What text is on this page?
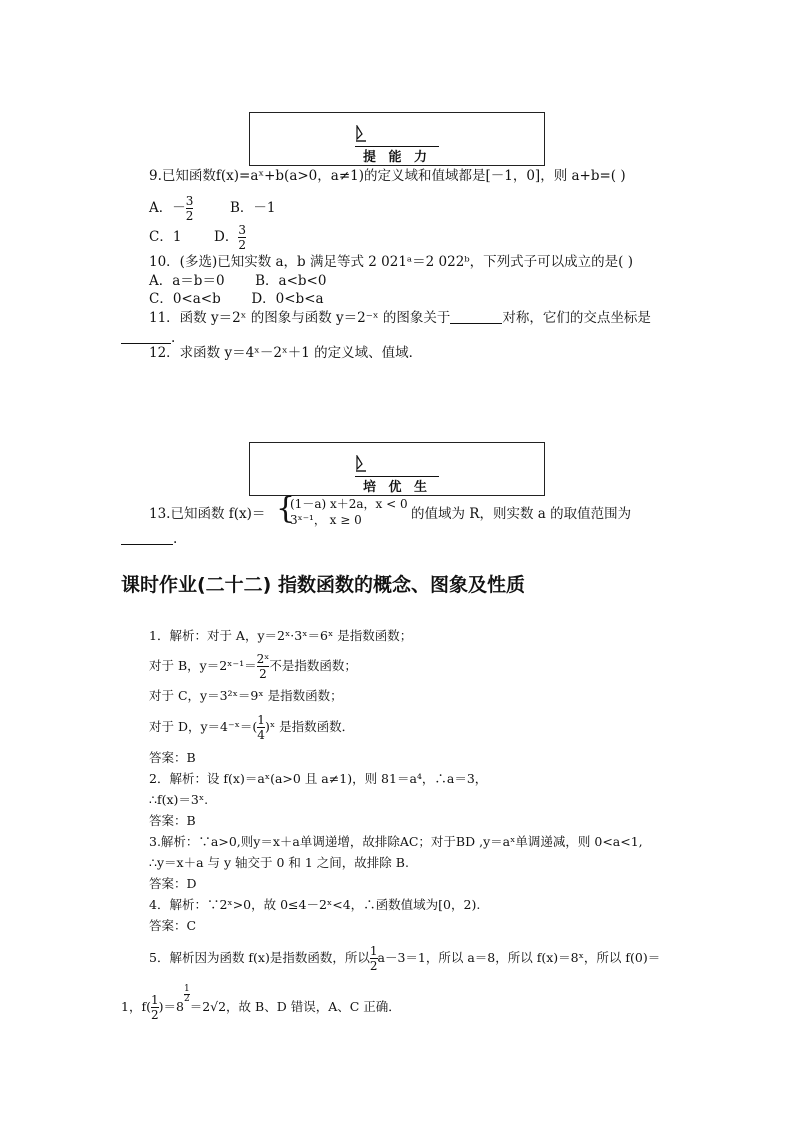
提 能 力
9.已知函数f(x)=aˣ+b(a>0，a≠1)的定义域和值域都是[－1，0]，则 a+b=( )
A．－ $\frac{3}{2}$	B．－1
C．1 D． $\frac{3}{2}$
10．(多选)已知实数 a，b 满足等式 2 021ᵃ＝2 022ᵇ，下列式子可以成立的是( )
A．a＝b＝0 B．a<b<0
C．0<a<b D．0<b<a
11．函数 y＝2ˣ 的图象与函数 y＝2⁻ˣ 的图象关于	对称，它们的交点坐标是
.
12．求函数 y＝4ˣ－2ˣ＋1 的定义域、值域．
培 优 生
13.已知函数 f(x)＝ {
(1－a) x＋2a，x < 0
3ˣ⁻¹， x ≥ 0	的值域为 R，则实数 a 的取值范围为
.
课时作业(二十二) 指数函数的概念、图象及性质
1．解析：对于 A，y＝2ˣ·3ˣ＝6ˣ 是指数函数；
对于 B，y＝2ˣ⁻¹＝ $\frac{\text{2ˣ}}{2}$ 不是指数函数；
对于 C，y＝3²ˣ＝9ˣ 是指数函数；
对于 D，y＝4⁻ˣ＝( $\frac{1}{4}$ )ˣ 是指数函数．
答案：B
2．解析：设 f(x)＝aˣ(a>0 且 a≠1)，则 81＝a⁴，∴a＝3，
∴f(x)＝3ˣ.
答案：B
3.解析：∵a>0,则y＝x＋a单调递增，故排除AC；对于BD ,y＝aˣ单调递减，则 0<a<1,
∴y＝x＋a 与 y 轴交于 0 和 1 之间，故排除 B.
答案：D
4．解析：∵2ˣ>0，故 0≤4－2ˣ<4，∴函数值域为[0，2).
答案：C
5．解析因为函数 f(x)是指数函数，所以 $\frac{1}{2} a-3=1$，所以 a＝8，所以 f(x)＝8ˣ，所以 f(0)＝
1，$f( \frac{1}{2} )=8$
$\frac{1}{2}$
＝2√2，故 B、D 错误，A、C 正确．
